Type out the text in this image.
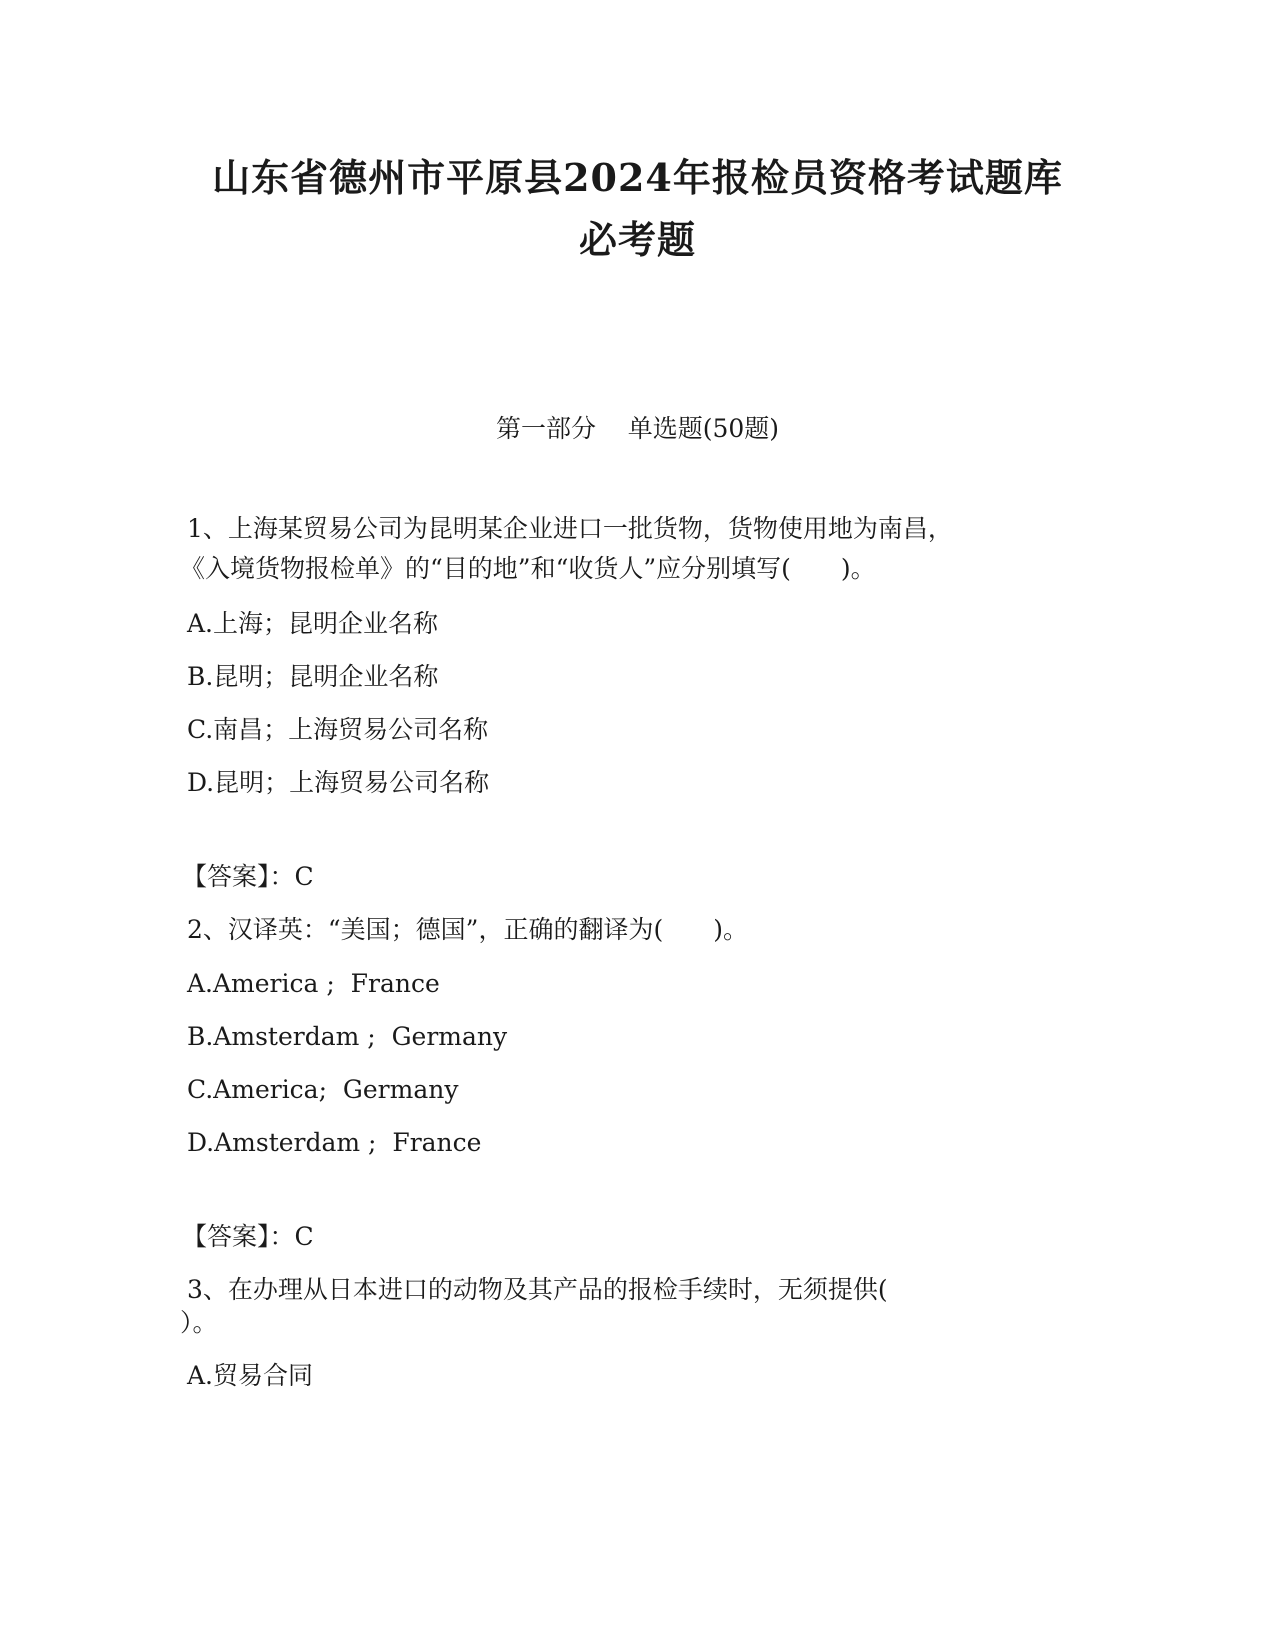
山东省德州市平原县2024年报检员资格考试题库
必考题
第一部分    单选题(50题)
1、上海某贸易公司为昆明某企业进口一批货物，货物使用地为南昌，
《入境货物报检单》的“目的地”和“收货人”应分别填写(　　)。
A.上海；昆明企业名称
B.昆明；昆明企业名称
C.南昌；上海贸易公司名称
D.昆明；上海贸易公司名称
【答案】：C
2、汉译英：“美国；德国”，正确的翻译为(　　)。
A.America ;  France
B.Amsterdam ;  Germany
C.America;  Germany
D.Amsterdam ;  France
【答案】：C
3、在办理从日本进口的动物及其产品的报检手续时，无须提供(
）。
A.贸易合同
